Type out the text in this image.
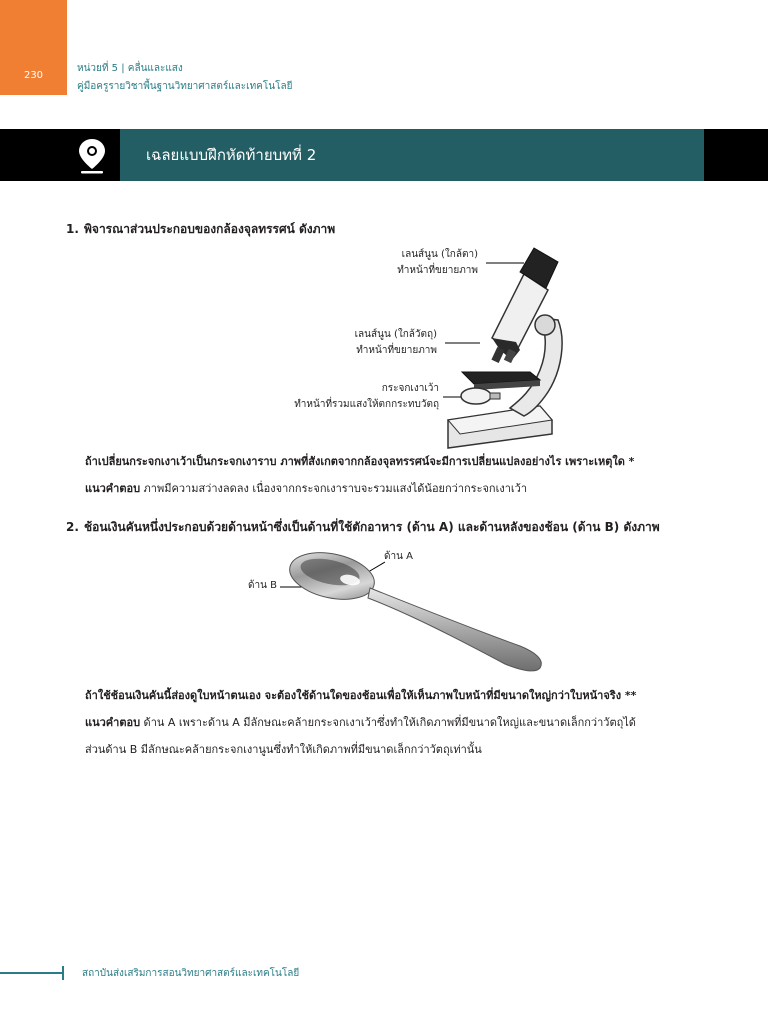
230
หน่วยที่ 5 | คลื่นและแสง
คู่มือครูรายวิชาพื้นฐานวิทยาศาสตร์และเทคโนโลยี
เฉลยแบบฝึกหัดท้ายบทที่ 2
1. พิจารณาส่วนประกอบของกล้องจุลทรรศน์ ดังภาพ
เลนส์นูน (ใกล้ตา)
ทำหน้าที่ขยายภาพ
เลนส์นูน (ใกล้วัตถุ)
ทำหน้าที่ขยายภาพ
กระจกเงาเว้า
ทำหน้าที่รวมแสงให้ตกกระทบวัตถุ
ถ้าเปลี่ยนกระจกเงาเว้าเป็นกระจกเงาราบ ภาพที่สังเกตจากกล้องจุลทรรศน์จะมีการเปลี่ยนแปลงอย่างไร เพราะเหตุใด *
แนวคำตอบ ภาพมีความสว่างลดลง เนื่องจากกระจกเงาราบจะรวมแสงได้น้อยกว่ากระจกเงาเว้า
2. ช้อนเงินคันหนึ่งประกอบด้วยด้านหน้าซึ่งเป็นด้านที่ใช้ตักอาหาร (ด้าน A) และด้านหลังของช้อน (ด้าน B) ดังภาพ
ด้าน A
ด้าน B
ถ้าใช้ช้อนเงินคันนี้ส่องดูใบหน้าตนเอง จะต้องใช้ด้านใดของช้อนเพื่อให้เห็นภาพใบหน้าที่มีขนาดใหญ่กว่าใบหน้าจริง **
แนวคำตอบ ด้าน A เพราะด้าน A มีลักษณะคล้ายกระจกเงาเว้าซึ่งทำให้เกิดภาพที่มีขนาดใหญ่และขนาดเล็กกว่าวัตถุได้
ส่วนด้าน B มีลักษณะคล้ายกระจกเงานูนซึ่งทำให้เกิดภาพที่มีขนาดเล็กกว่าวัตถุเท่านั้น
สถาบันส่งเสริมการสอนวิทยาศาสตร์และเทคโนโลยี
